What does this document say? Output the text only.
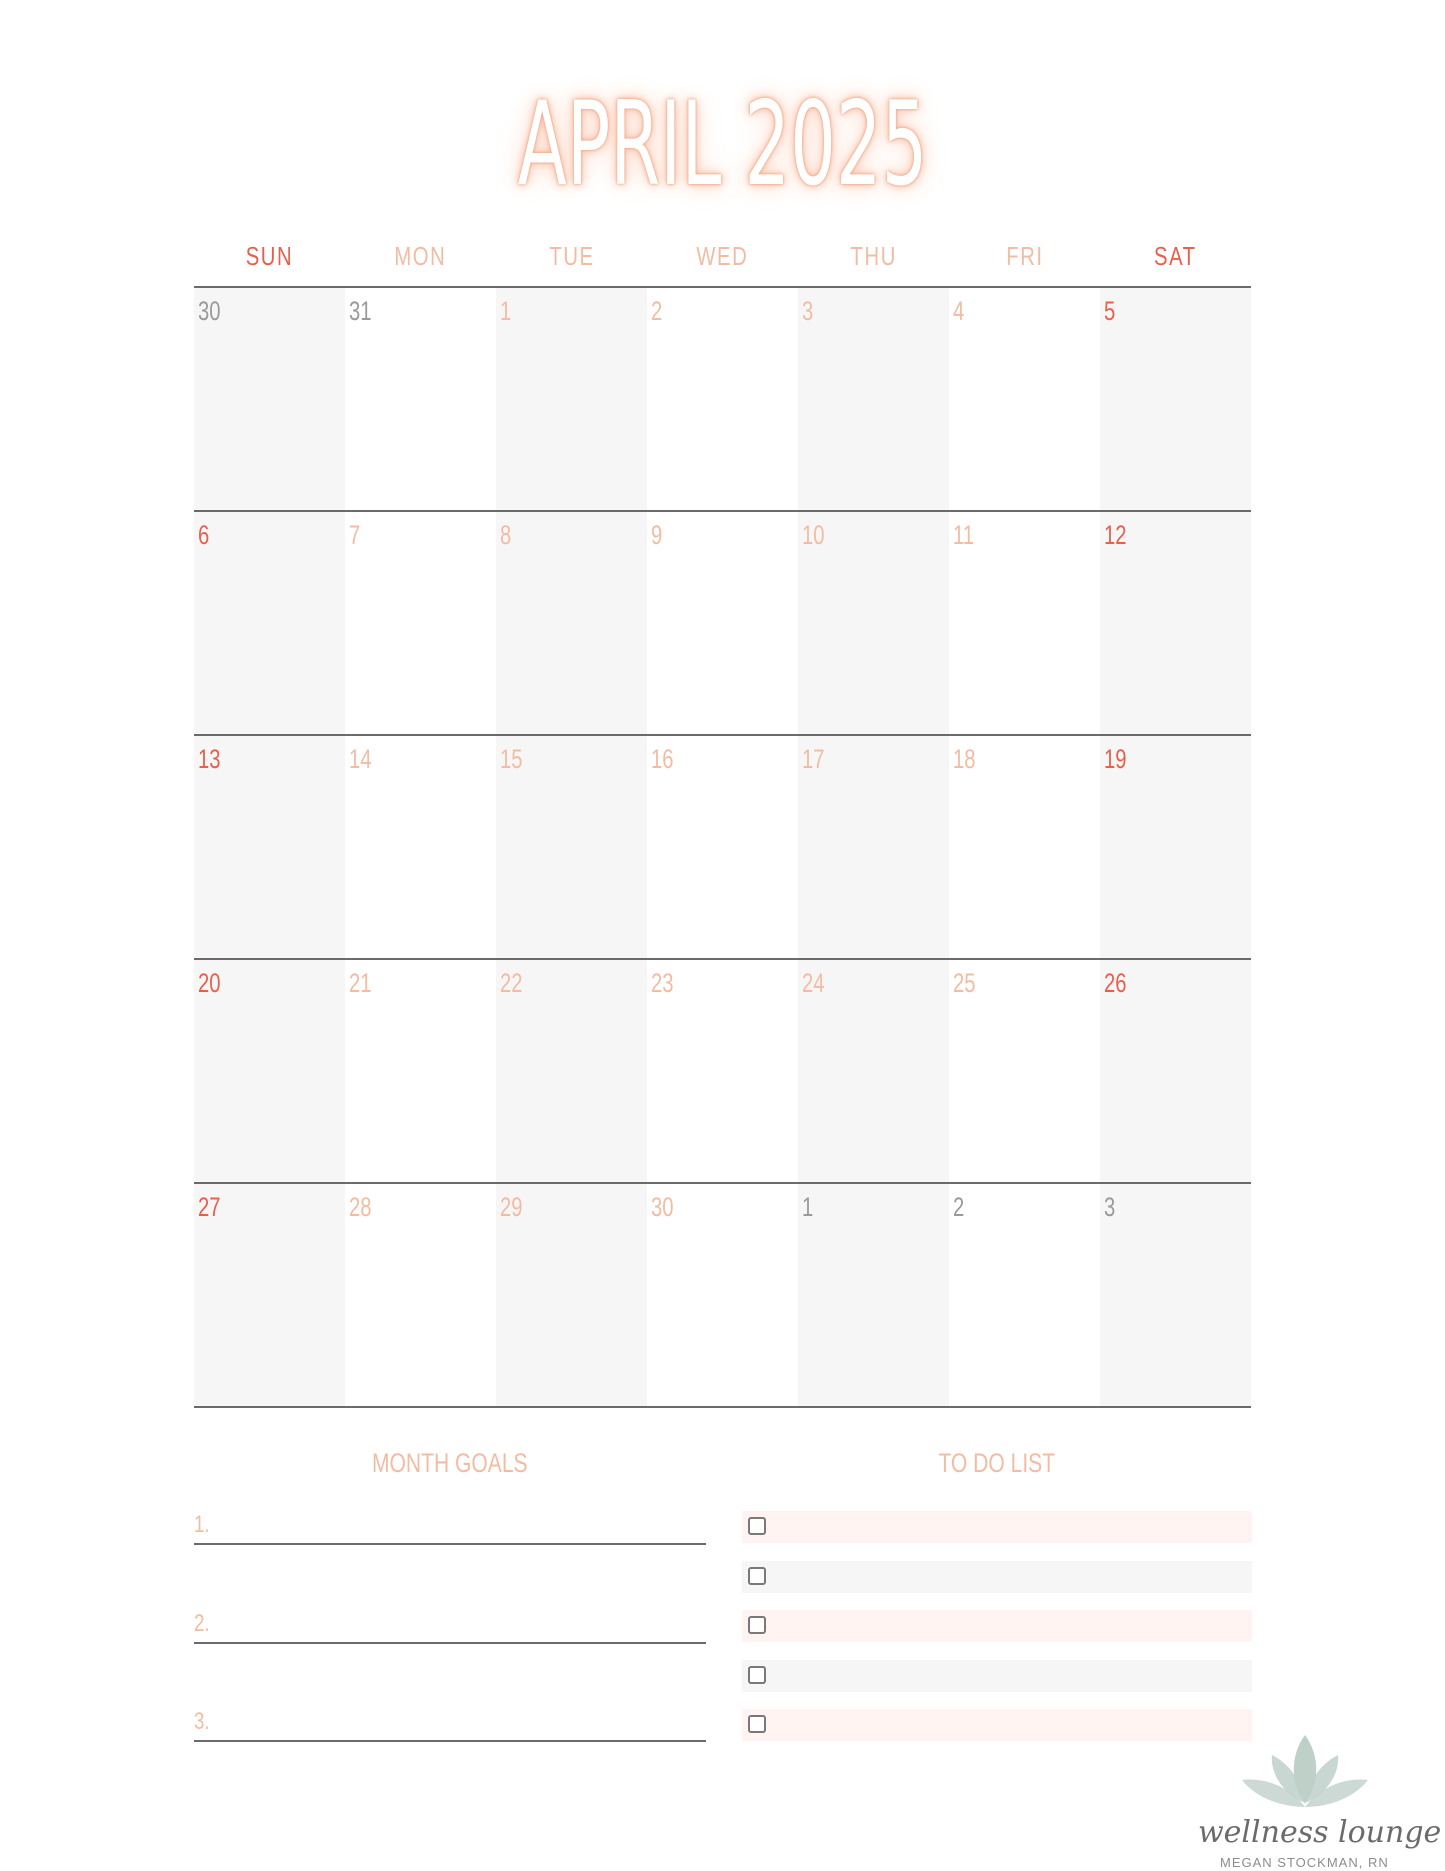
APRIL 2025
SUN	MON	TUE	WED	THU	FRI	SAT
30	31	1	2	3	4	5
6	7	8	9	10	11	12
13	14	15	16	17	18	19
20	21	22	23	24	25	26
27	28	29	30	1	2	3
MONTH GOALS	TO DO LIST
1.
2.
3.
wellness lounge
MEGAN STOCKMAN, RN
